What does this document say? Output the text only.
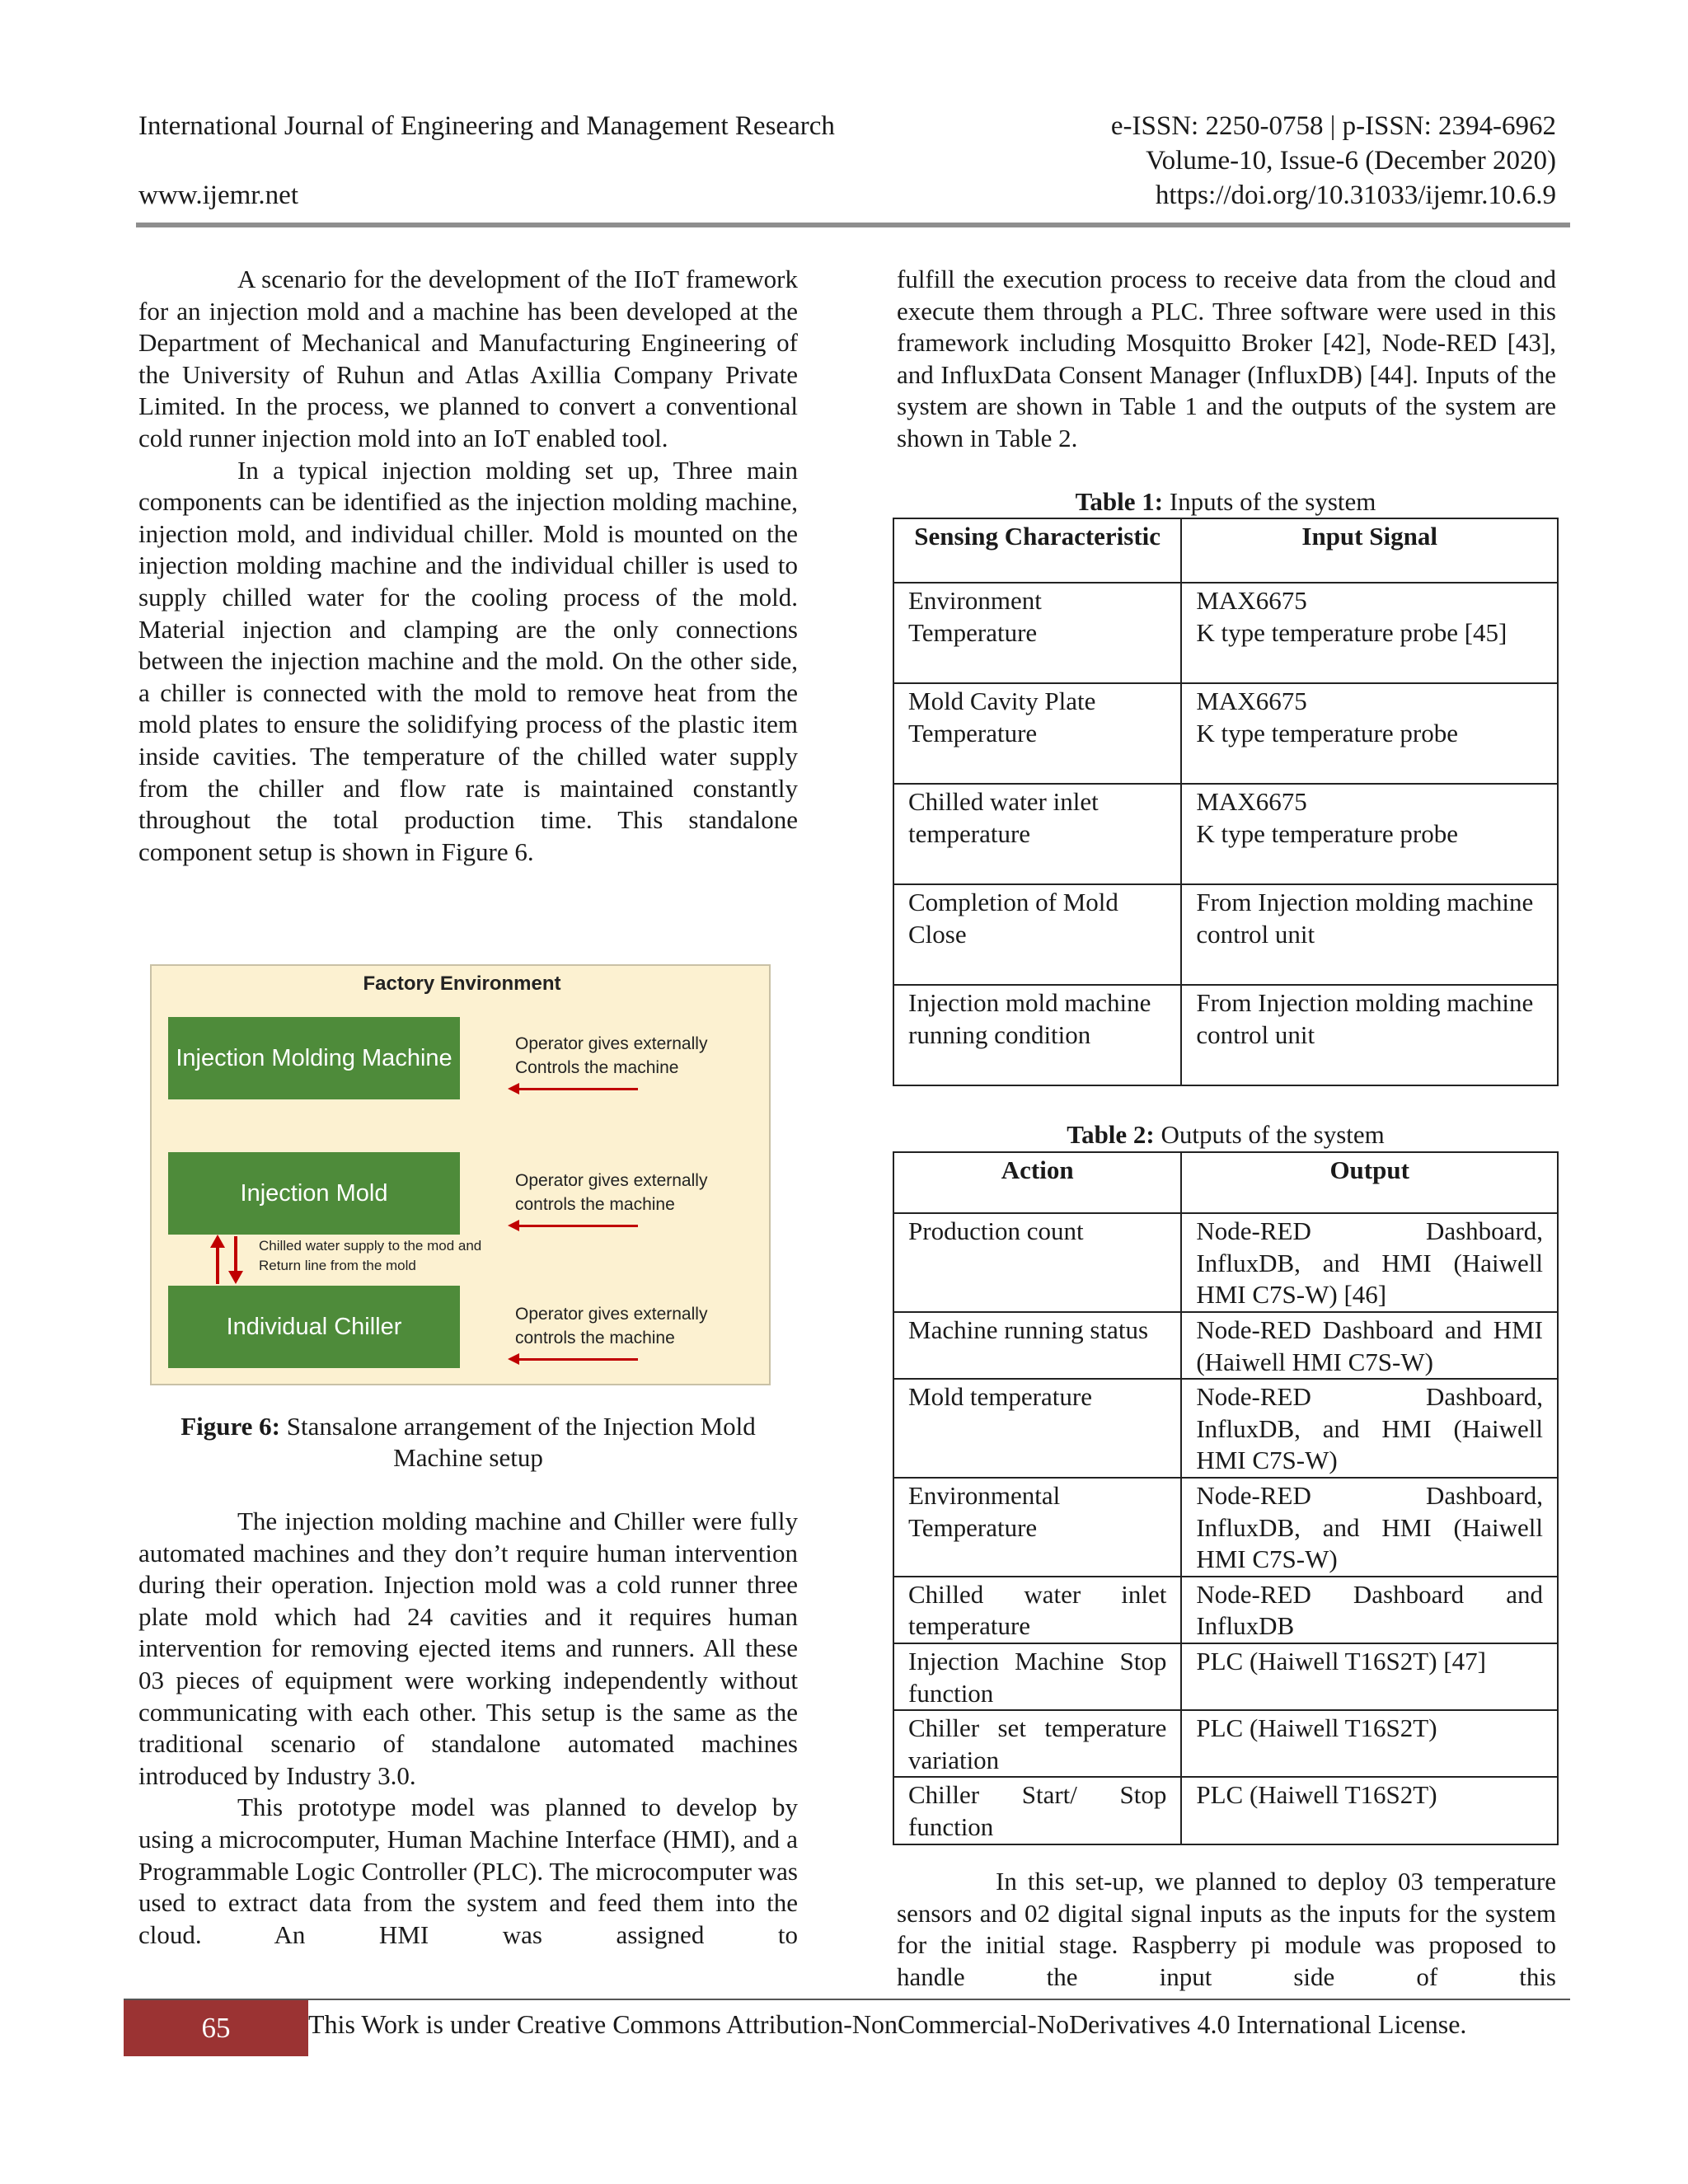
International Journal of Engineering and Management Research	e-ISSN: 2250-0758 | p-ISSN: 2394-6962
Volume-10, Issue-6 (December 2020)
www.ijemr.net	https://doi.org/10.31033/ijemr.10.6.9

A scenario for the development of the IIoT framework for an injection mold and a machine has been developed at the Department of Mechanical and Manufacturing Engineering of the University of Ruhun and Atlas Axillia Company Private Limited. In the process, we planned to convert a conventional cold runner injection mold into an IoT enabled tool.

In a typical injection molding set up, Three main components can be identified as the injection molding machine, injection mold, and individual chiller. Mold is mounted on the injection molding machine and the individual chiller is used to supply chilled water for the cooling process of the mold. Material injection and clamping are the only connections between the injection machine and the mold. On the other side, a chiller is connected with the mold to remove heat from the mold plates to ensure the solidifying process of the plastic item inside cavities. The temperature of the chilled water supply from the chiller and flow rate is maintained constantly throughout the total production time. This standalone component setup is shown in Figure 6.

Factory Environment
Injection Molding Machine
Injection Mold
Individual Chiller
Operator gives externally
Controls the machine
Operator gives externally
controls the machine
Operator gives externally
controls the machine
Chilled water supply to the mod and
Return line from the mold
Figure 6: Stansalone arrangement of the Injection Mold
Machine setup

The injection molding machine and Chiller were fully automated machines and they don’t require human intervention during their operation. Injection mold was a cold runner three plate mold which had 24 cavities and it requires human intervention for removing ejected items and runners. All these 03 pieces of equipment were working independently without communicating with each other. This setup is the same as the traditional scenario of standalone automated machines introduced by Industry 3.0.

This prototype model was planned to develop by using a microcomputer, Human Machine Interface (HMI), and a Programmable Logic Controller (PLC). The microcomputer was used to extract data from the system and feed them into the cloud. An HMI was assigned to

fulfill the execution process to receive data from the cloud and execute them through a PLC. Three software were used in this framework including Mosquitto Broker [42], Node-RED [43], and InfluxData Consent Manager (InfluxDB) [44]. Inputs of the system are shown in Table 1 and the outputs of the system are shown in Table 2.

Table 1: Inputs of the system
Sensing Characteristic	Input Signal
Environment Temperature	MAX6675
K type temperature probe [45]

Mold Cavity Plate Temperature	MAX6675
K type temperature probe

Chilled water inlet temperature	MAX6675
K type temperature probe

Completion of Mold Close	From Injection molding machine control unit
Injection mold machine running condition	From Injection molding machine control unit
Table 2: Outputs of the system
Action	Output
Production count	Node-RED Dashboard, InfluxDB, and HMI (Haiwell HMI C7S-W) [46]
Machine running status	Node-RED Dashboard and HMI (Haiwell HMI C7S-W)
Mold temperature	Node-RED Dashboard, InfluxDB, and HMI (Haiwell HMI C7S-W)
Environmental Temperature	Node-RED Dashboard, InfluxDB, and HMI (Haiwell HMI C7S-W)
Chilled water inlet temperature	Node-RED Dashboard and InfluxDB
Injection Machine Stop function	PLC (Haiwell T16S2T) [47]
Chiller set temperature variation	PLC (Haiwell T16S2T)
Chiller Start/ Stop function	PLC (Haiwell T16S2T)

In this set-up, we planned to deploy 03 temperature sensors and 02 digital signal inputs as the inputs for the system for the initial stage. Raspberry pi module was proposed to handle the input side of this

65	This Work is under Creative Commons Attribution-NonCommercial-NoDerivatives 4.0 International License.
